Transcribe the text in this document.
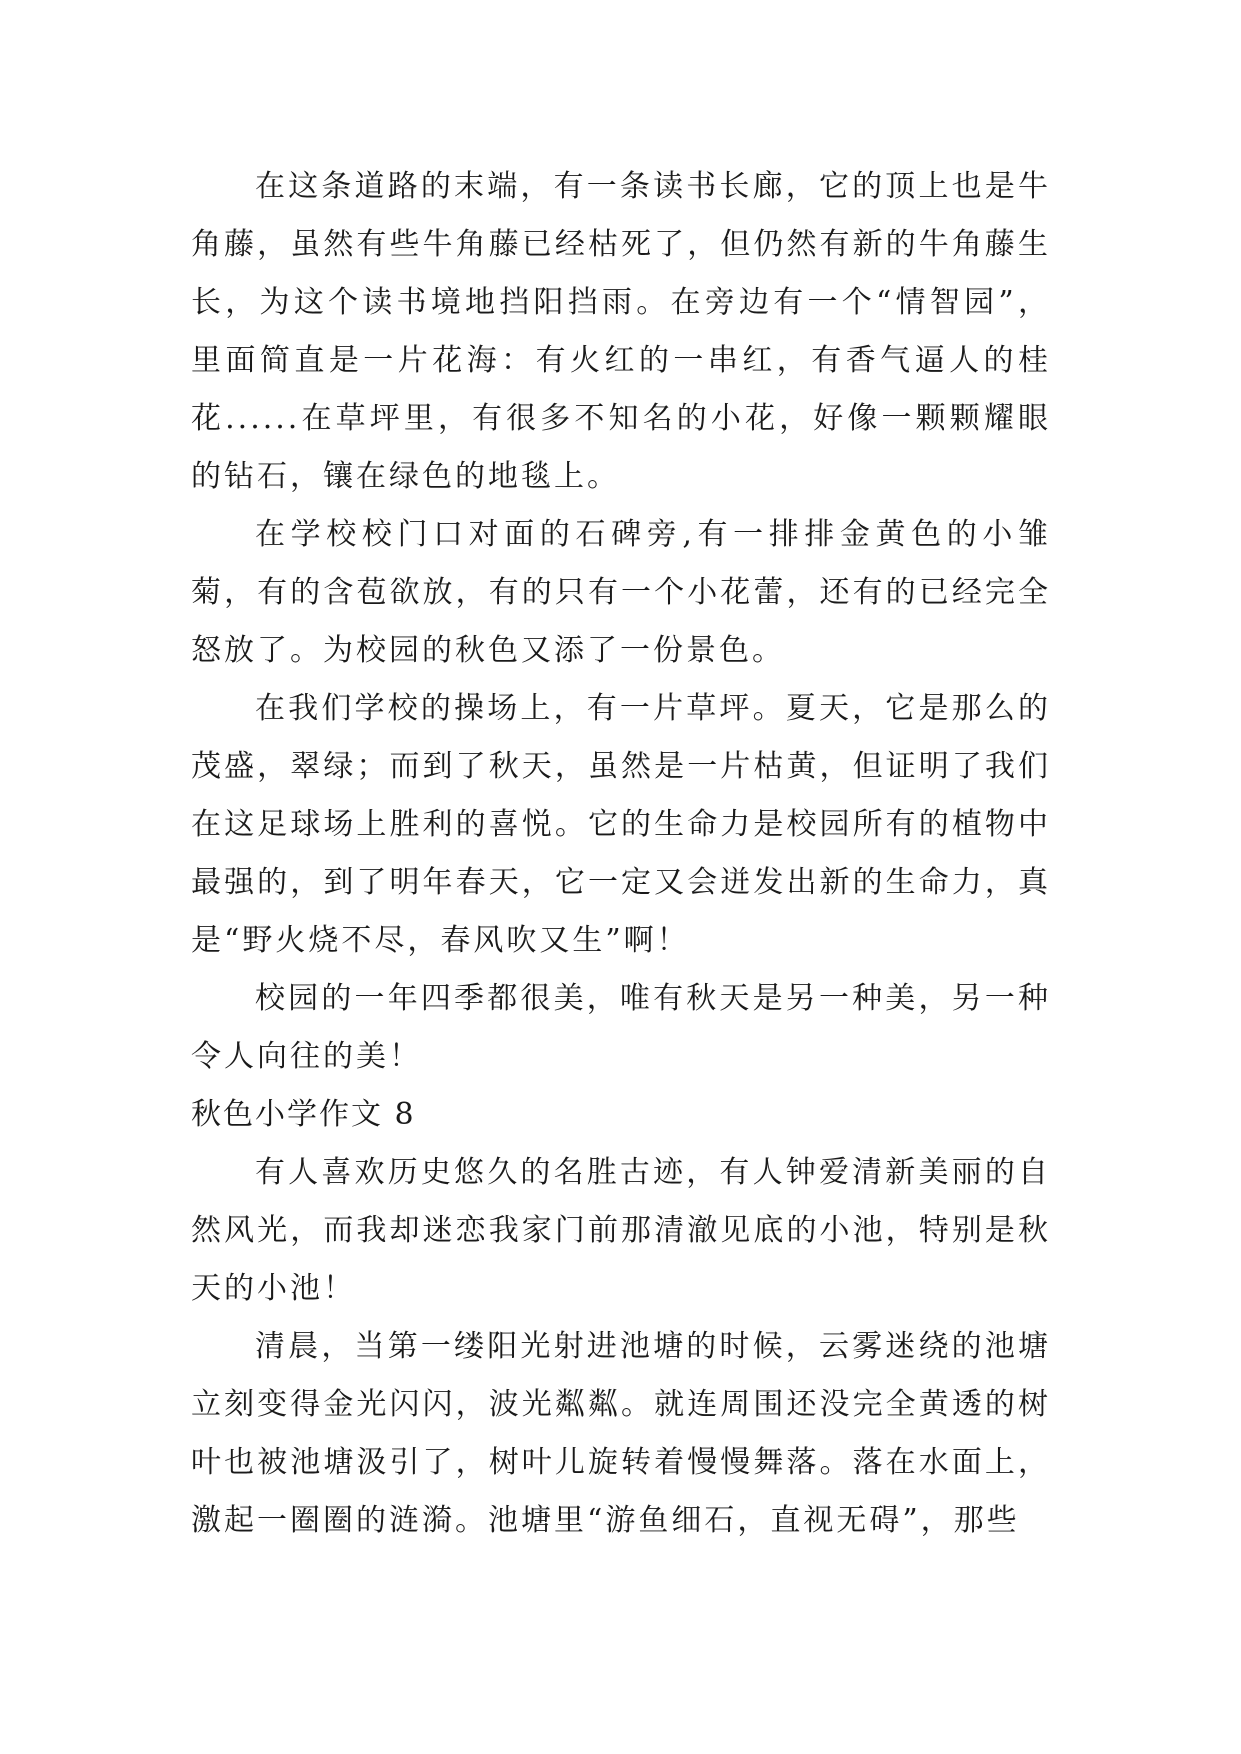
在这条道路的末端，有一条读书长廊，它的顶上也是牛角藤，虽然有些牛角藤已经枯死了，但仍然有新的牛角藤生长，为这个读书境地挡阳挡雨。在旁边有一个“情智园”，里面简直是一片花海：有火红的一串红，有香气逼人的桂花......在草坪里，有很多不知名的小花，好像一颗颗耀眼的钻石，镶在绿色的地毯上。

在学校校门口对面的石碑旁,有一排排金黄色的小雏菊，有的含苞欲放，有的只有一个小花蕾，还有的已经完全怒放了。为校园的秋色又添了一份景色。

在我们学校的操场上，有一片草坪。夏天，它是那么的茂盛，翠绿；而到了秋天，虽然是一片枯黄，但证明了我们在这足球场上胜利的喜悦。它的生命力是校园所有的植物中最强的，到了明年春天，它一定又会迸发出新的生命力，真是“野火烧不尽，春风吹又生”啊！

校园的一年四季都很美，唯有秋天是另一种美，另一种令人向往的美！

秋色小学作文 8

有人喜欢历史悠久的名胜古迹，有人钟爱清新美丽的自然风光，而我却迷恋我家门前那清澈见底的小池，特别是秋天的小池！

清晨，当第一缕阳光射进池塘的时候，云雾迷绕的池塘立刻变得金光闪闪，波光粼粼。就连周围还没完全黄透的树叶也被池塘汲引了，树叶儿旋转着慢慢舞落。落在水面上，激起一圈圈的涟漪。池塘里“游鱼细石，直视无碍”，那些
